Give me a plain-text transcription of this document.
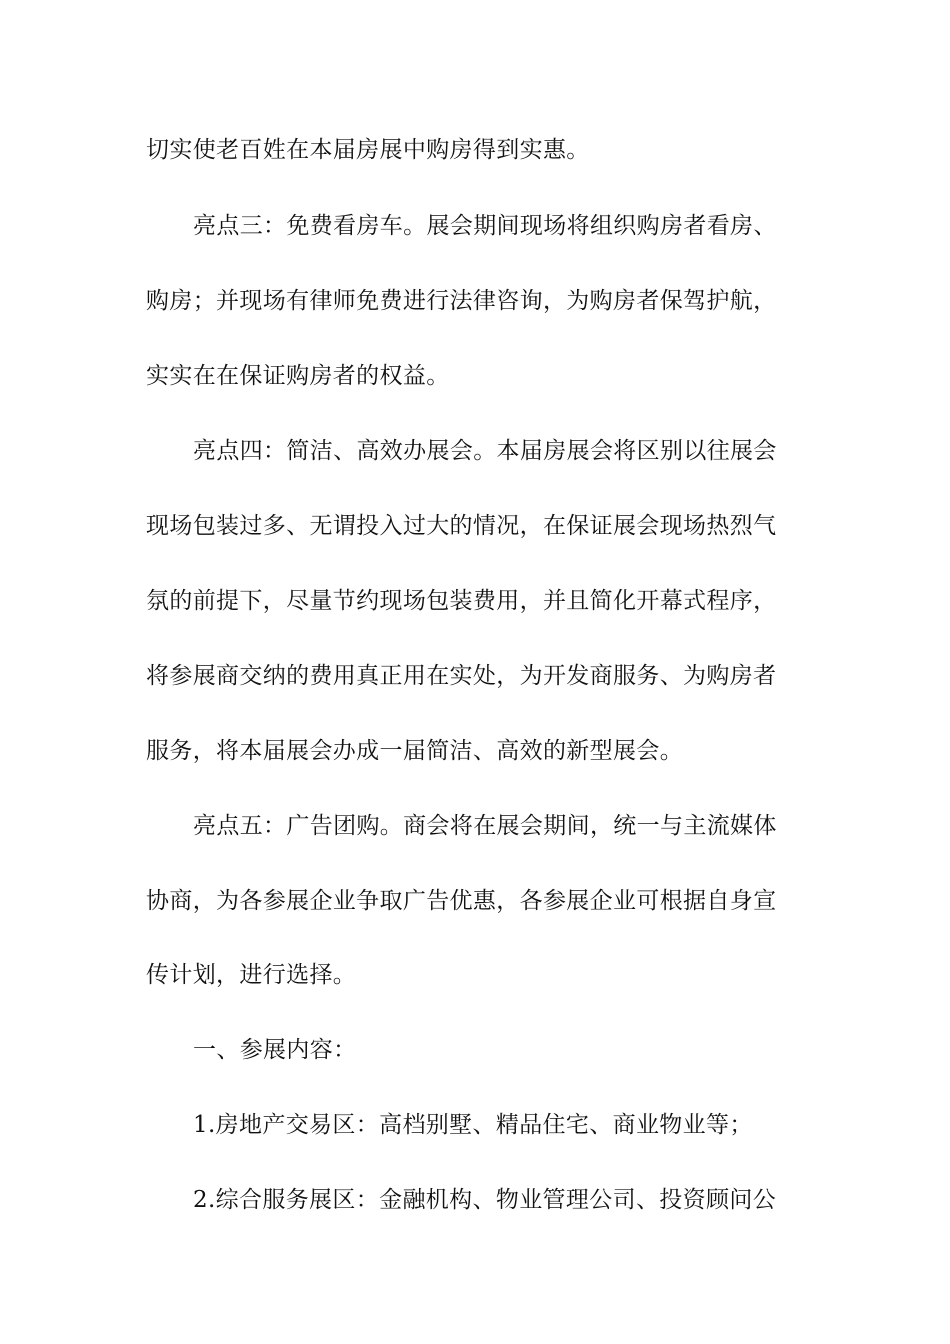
切实使老百姓在本届房展中购房得到实惠。
亮点三：免费看房车。展会期间现场将组织购房者看房、
购房；并现场有律师免费进行法律咨询，为购房者保驾护航，
实实在在保证购房者的权益。
亮点四：简洁、高效办展会。本届房展会将区别以往展会
现场包装过多、无谓投入过大的情况，在保证展会现场热烈气
氛的前提下，尽量节约现场包装费用，并且简化开幕式程序，
将参展商交纳的费用真正用在实处，为开发商服务、为购房者
服务，将本届展会办成一届简洁、高效的新型展会。
亮点五：广告团购。商会将在展会期间，统一与主流媒体
协商，为各参展企业争取广告优惠，各参展企业可根据自身宣
传计划，进行选择。
一、参展内容：
1.房地产交易区：高档别墅、精品住宅、商业物业等；
2.综合服务展区：金融机构、物业管理公司、投资顾问公
